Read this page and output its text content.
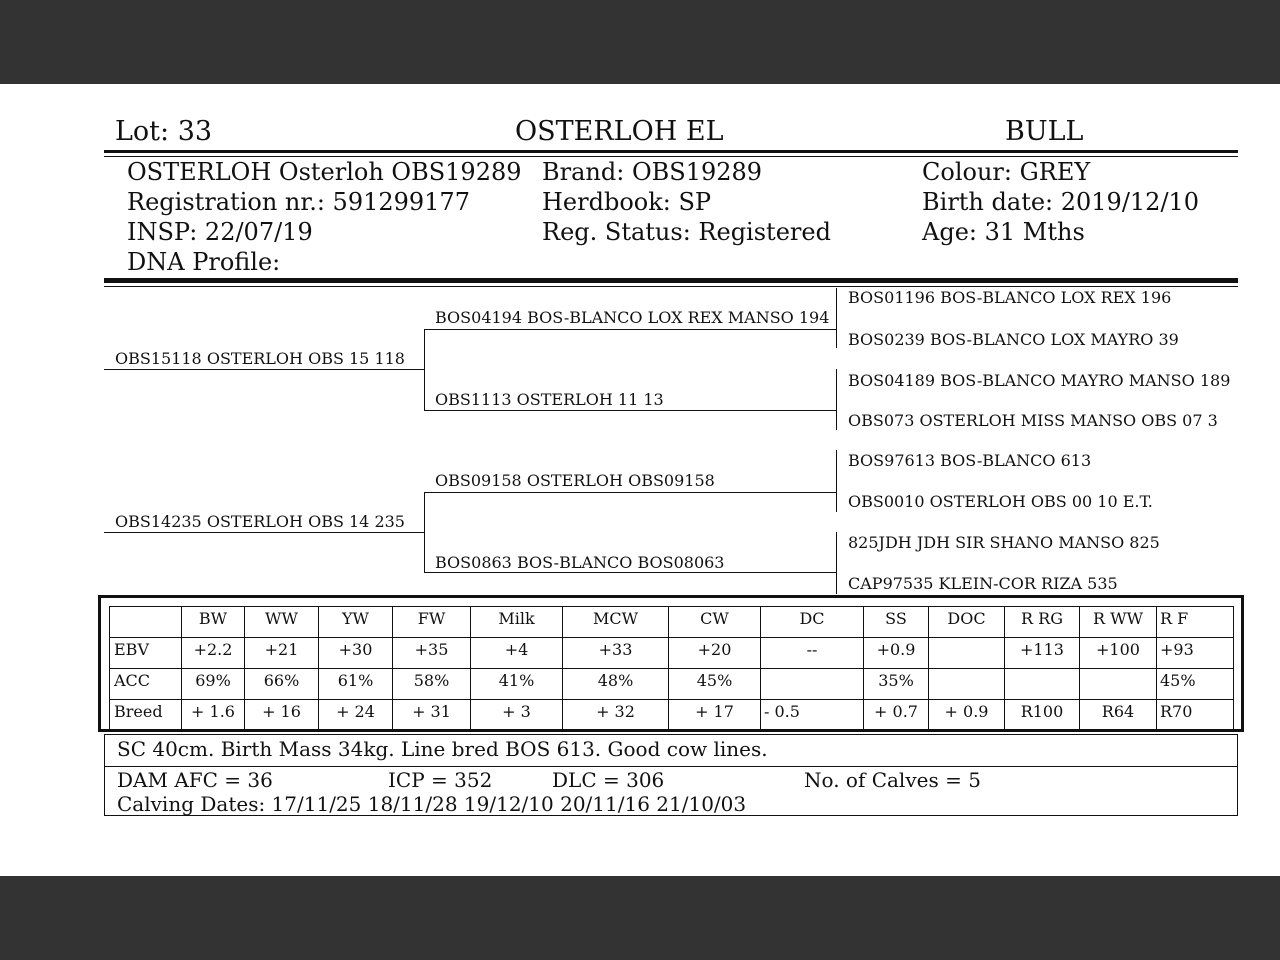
Lot: 33	OSTERLOH EL	BULL
OSTERLOH Osterloh OBS19289
Registration nr.: 591299177
INSP: 22/07/19
DNA Profile:
Brand: OBS19289
Herdbook: SP
Reg. Status: Registered
Colour: GREY
Birth date: 2019/12/10
Age: 31 Mths
OBS15118 OSTERLOH OBS 15 118
OBS14235 OSTERLOH OBS 14 235
BOS04194 BOS-BLANCO LOX REX MANSO 194
OBS1113 OSTERLOH 11 13
OBS09158 OSTERLOH OBS09158
BOS0863 BOS-BLANCO BOS08063
BOS01196 BOS-BLANCO LOX REX 196
BOS0239 BOS-BLANCO LOX MAYRO 39
BOS04189 BOS-BLANCO MAYRO MANSO 189
OBS073 OSTERLOH MISS MANSO OBS 07 3
BOS97613 BOS-BLANCO 613
OBS0010 OSTERLOH OBS 00 10 E.T.
825JDH JDH SIR SHANO MANSO 825
CAP97535 KLEIN-COR RIZA 535
	BW	WW	YW	FW	Milk	MCW	CW	DC	SS	DOC	R RG	R WW	R F
EBV	+2.2	+21	+30	+35	+4	+33	+20	--	+0.9		+113	+100	+93
ACC	69%	66%	61%	58%	41%	48%	45%		35%				45%
Breed	+ 1.6	+ 16	+ 24	+ 31	+ 3	+ 32	+ 17	- 0.5	+ 0.7	+ 0.9	R100	R64	R70
SC 40cm. Birth Mass 34kg. Line bred BOS 613. Good cow lines.
DAM AFC = 36	ICP = 352	DLC = 306	No. of Calves = 5
Calving Dates: 17/11/25 18/11/28 19/12/10 20/11/16 21/10/03
